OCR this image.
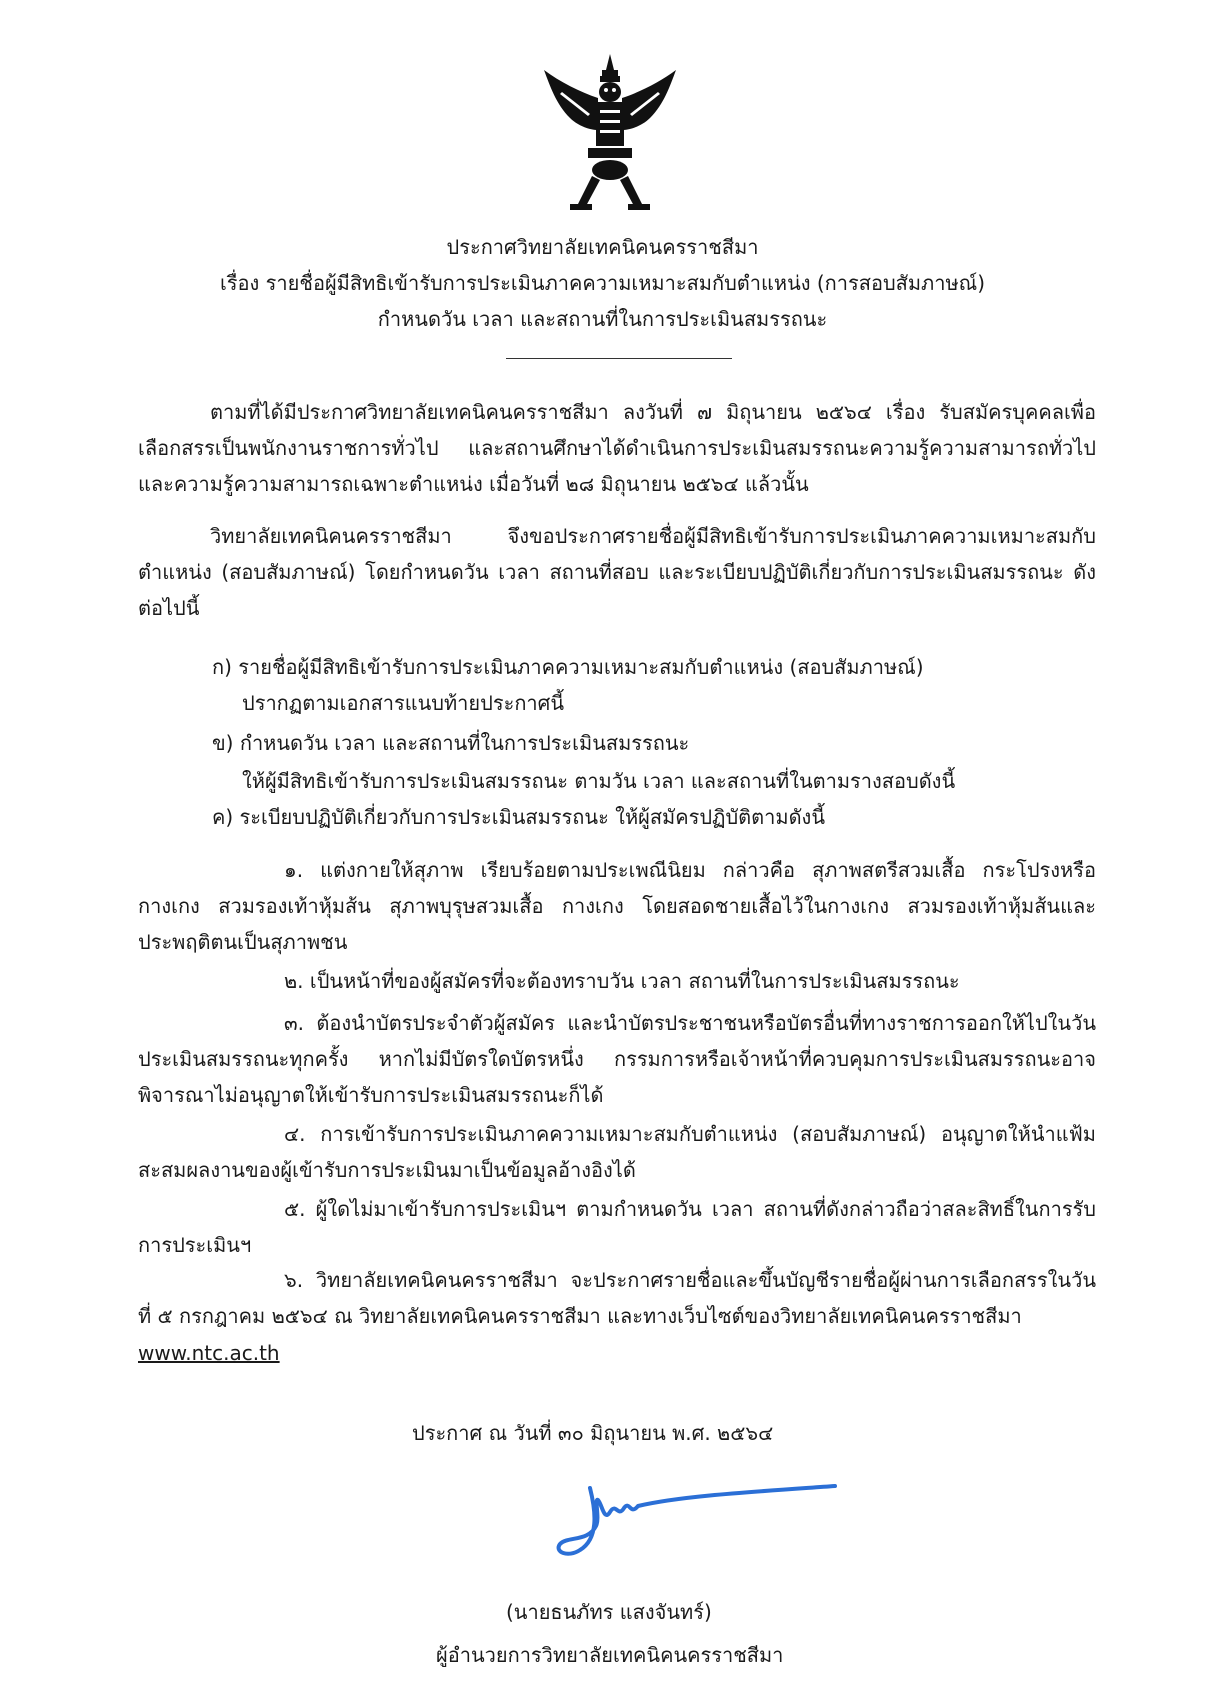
ประกาศวิทยาลัยเทคนิคนครราชสีมา
เรื่อง รายชื่อผู้มีสิทธิเข้ารับการประเมินภาคความเหมาะสมกับตำแหน่ง (การสอบสัมภาษณ์)
กำหนดวัน เวลา และสถานที่ในการประเมินสมรรถนะ
ตามที่ได้มีประกาศวิทยาลัยเทคนิคนครราชสีมา ลงวันที่ ๗ มิถุนายน ๒๕๖๔ เรื่อง รับสมัครบุคคลเพื่อเลือกสรรเป็นพนักงานราชการทั่วไป และสถานศึกษาได้ดำเนินการประเมินสมรรถนะความรู้ความสามารถทั่วไปและความรู้ความสามารถเฉพาะตำแหน่ง เมื่อวันที่ ๒๘ มิถุนายน ๒๕๖๔ แล้วนั้น
วิทยาลัยเทคนิคนครราชสีมา จึงขอประกาศรายชื่อผู้มีสิทธิเข้ารับการประเมินภาคความเหมาะสมกับตำแหน่ง (สอบสัมภาษณ์) โดยกำหนดวัน เวลา สถานที่สอบ และระเบียบปฏิบัติเกี่ยวกับการประเมินสมรรถนะ ดังต่อไปนี้
ก) รายชื่อผู้มีสิทธิเข้ารับการประเมินภาคความเหมาะสมกับตำแหน่ง (สอบสัมภาษณ์)
ปรากฏตามเอกสารแนบท้ายประกาศนี้
ข) กำหนดวัน เวลา และสถานที่ในการประเมินสมรรถนะ
ให้ผู้มีสิทธิเข้ารับการประเมินสมรรถนะ ตามวัน เวลา และสถานที่ในตามรางสอบดังนี้
ค) ระเบียบปฏิบัติเกี่ยวกับการประเมินสมรรถนะ ให้ผู้สมัครปฏิบัติตามดังนี้
๑. แต่งกายให้สุภาพ เรียบร้อยตามประเพณีนิยม กล่าวคือ สุภาพสตรีสวมเสื้อ กระโปรงหรือกางเกง สวมรองเท้าหุ้มส้น สุภาพบุรุษสวมเสื้อ กางเกง โดยสอดชายเสื้อไว้ในกางเกง สวมรองเท้าหุ้มส้นและประพฤติตนเป็นสุภาพชน
๒. เป็นหน้าที่ของผู้สมัครที่จะต้องทราบวัน เวลา สถานที่ในการประเมินสมรรถนะ
๓. ต้องนำบัตรประจำตัวผู้สมัคร และนำบัตรประชาชนหรือบัตรอื่นที่ทางราชการออกให้ไปในวันประเมินสมรรถนะทุกครั้ง หากไม่มีบัตรใดบัตรหนึ่ง กรรมการหรือเจ้าหน้าที่ควบคุมการประเมินสมรรถนะอาจพิจารณาไม่อนุญาตให้เข้ารับการประเมินสมรรถนะก็ได้
๔. การเข้ารับการประเมินภาคความเหมาะสมกับตำแหน่ง (สอบสัมภาษณ์) อนุญาตให้นำแฟ้มสะสมผลงานของผู้เข้ารับการประเมินมาเป็นข้อมูลอ้างอิงได้
๕. ผู้ใดไม่มาเข้ารับการประเมินฯ ตามกำหนดวัน เวลา สถานที่ดังกล่าวถือว่าสละสิทธิ์ในการรับการประเมินฯ
๖. วิทยาลัยเทคนิคนครราชสีมา จะประกาศรายชื่อและขึ้นบัญชีรายชื่อผู้ผ่านการเลือกสรรในวันที่ ๕ กรกฎาคม ๒๕๖๔ ณ วิทยาลัยเทคนิคนครราชสีมา และทางเว็บไซต์ของวิทยาลัยเทคนิคนครราชสีมา
www.ntc.ac.th
ประกาศ ณ วันที่ ๓๐ มิถุนายน พ.ศ. ๒๕๖๔
(นายธนภัทร แสงจันทร์)
ผู้อำนวยการวิทยาลัยเทคนิคนครราชสีมา
